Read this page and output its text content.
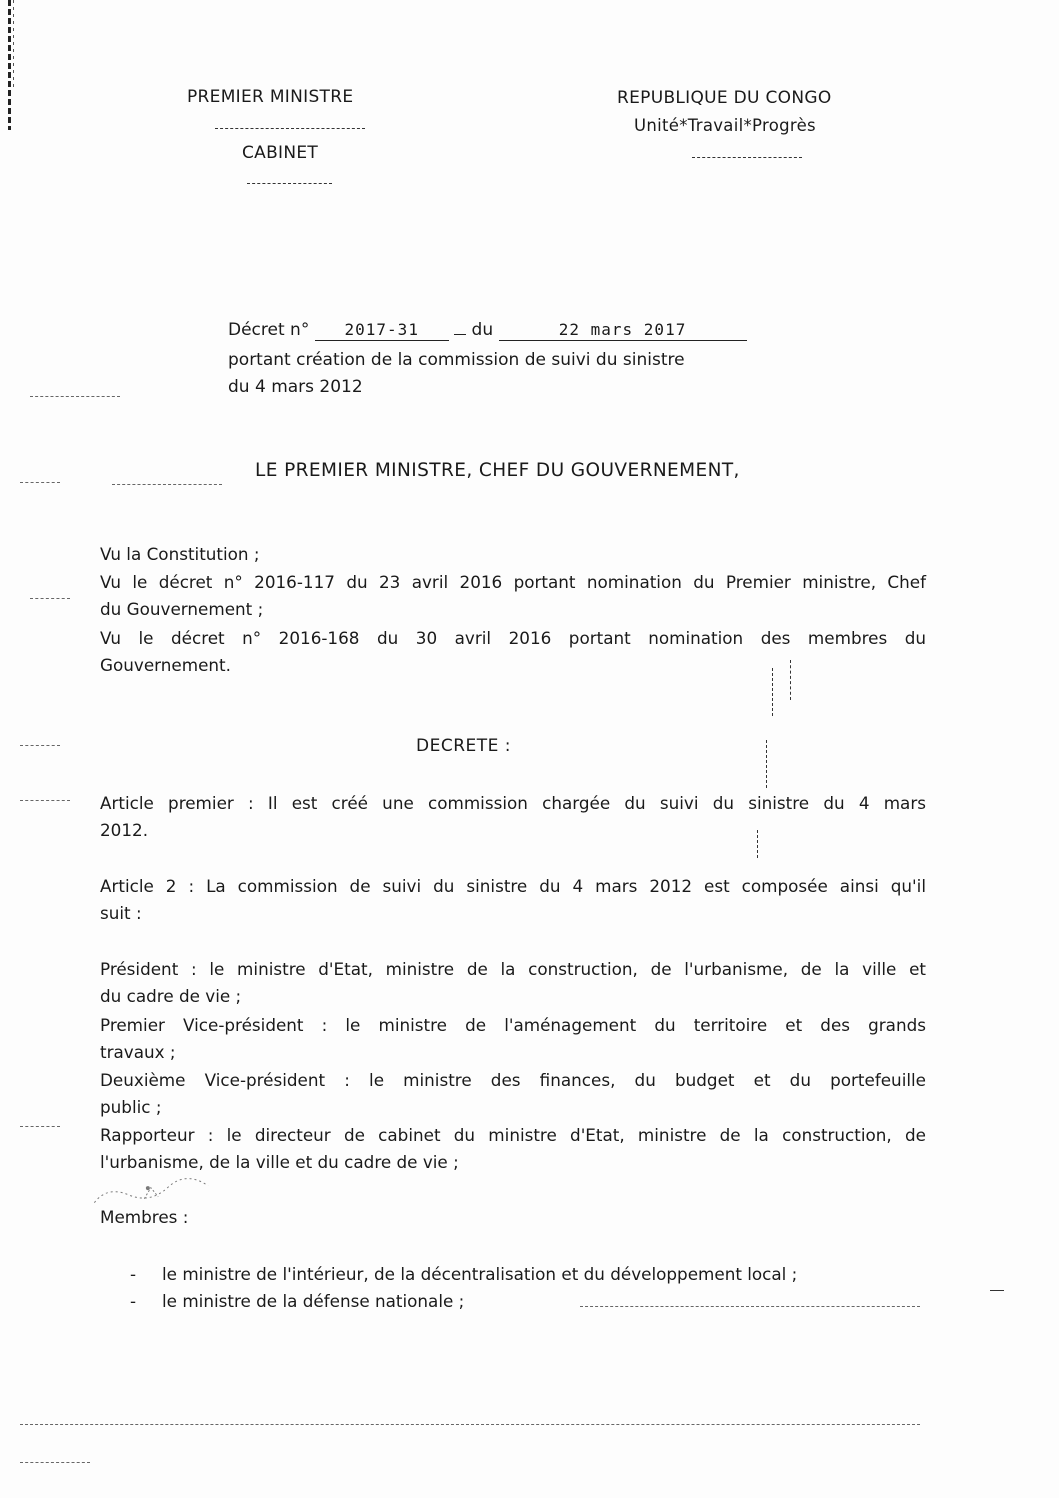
PREMIER MINISTRE
CABINET
REPUBLIQUE DU CONGO
Unité*Travail*Progrès
Décret n° 2017-31	du	22 mars 2017
portant création de la commission de suivi du sinistre
du 4 mars 2012
LE PREMIER MINISTRE, CHEF DU GOUVERNEMENT,
Vu la Constitution ;
Vu le décret n° 2016-117 du 23 avril 2016 portant nomination du Premier ministre, Chef
du Gouvernement ;
Vu le décret n° 2016-168 du 30 avril 2016 portant nomination des membres du
Gouvernement.
DECRETE :
Article premier : Il est créé une commission chargée du suivi du sinistre du 4 mars
2012.
Article 2 : La commission de suivi du sinistre du 4 mars 2012 est composée ainsi qu'il
suit :
Président : le ministre d'Etat, ministre de la construction, de l'urbanisme, de la ville et
du cadre de vie ;
Premier Vice-président : le ministre de l'aménagement du territoire et des grands
travaux ;
Deuxième Vice-président : le ministre des finances, du budget et du portefeuille
public ;
Rapporteur : le directeur de cabinet du ministre d'Etat, ministre de la construction, de
l'urbanisme, de la ville et du cadre de vie ;
Membres :
-	le ministre de l'intérieur, de la décentralisation et du développement local ;
-	le ministre de la défense nationale ;
